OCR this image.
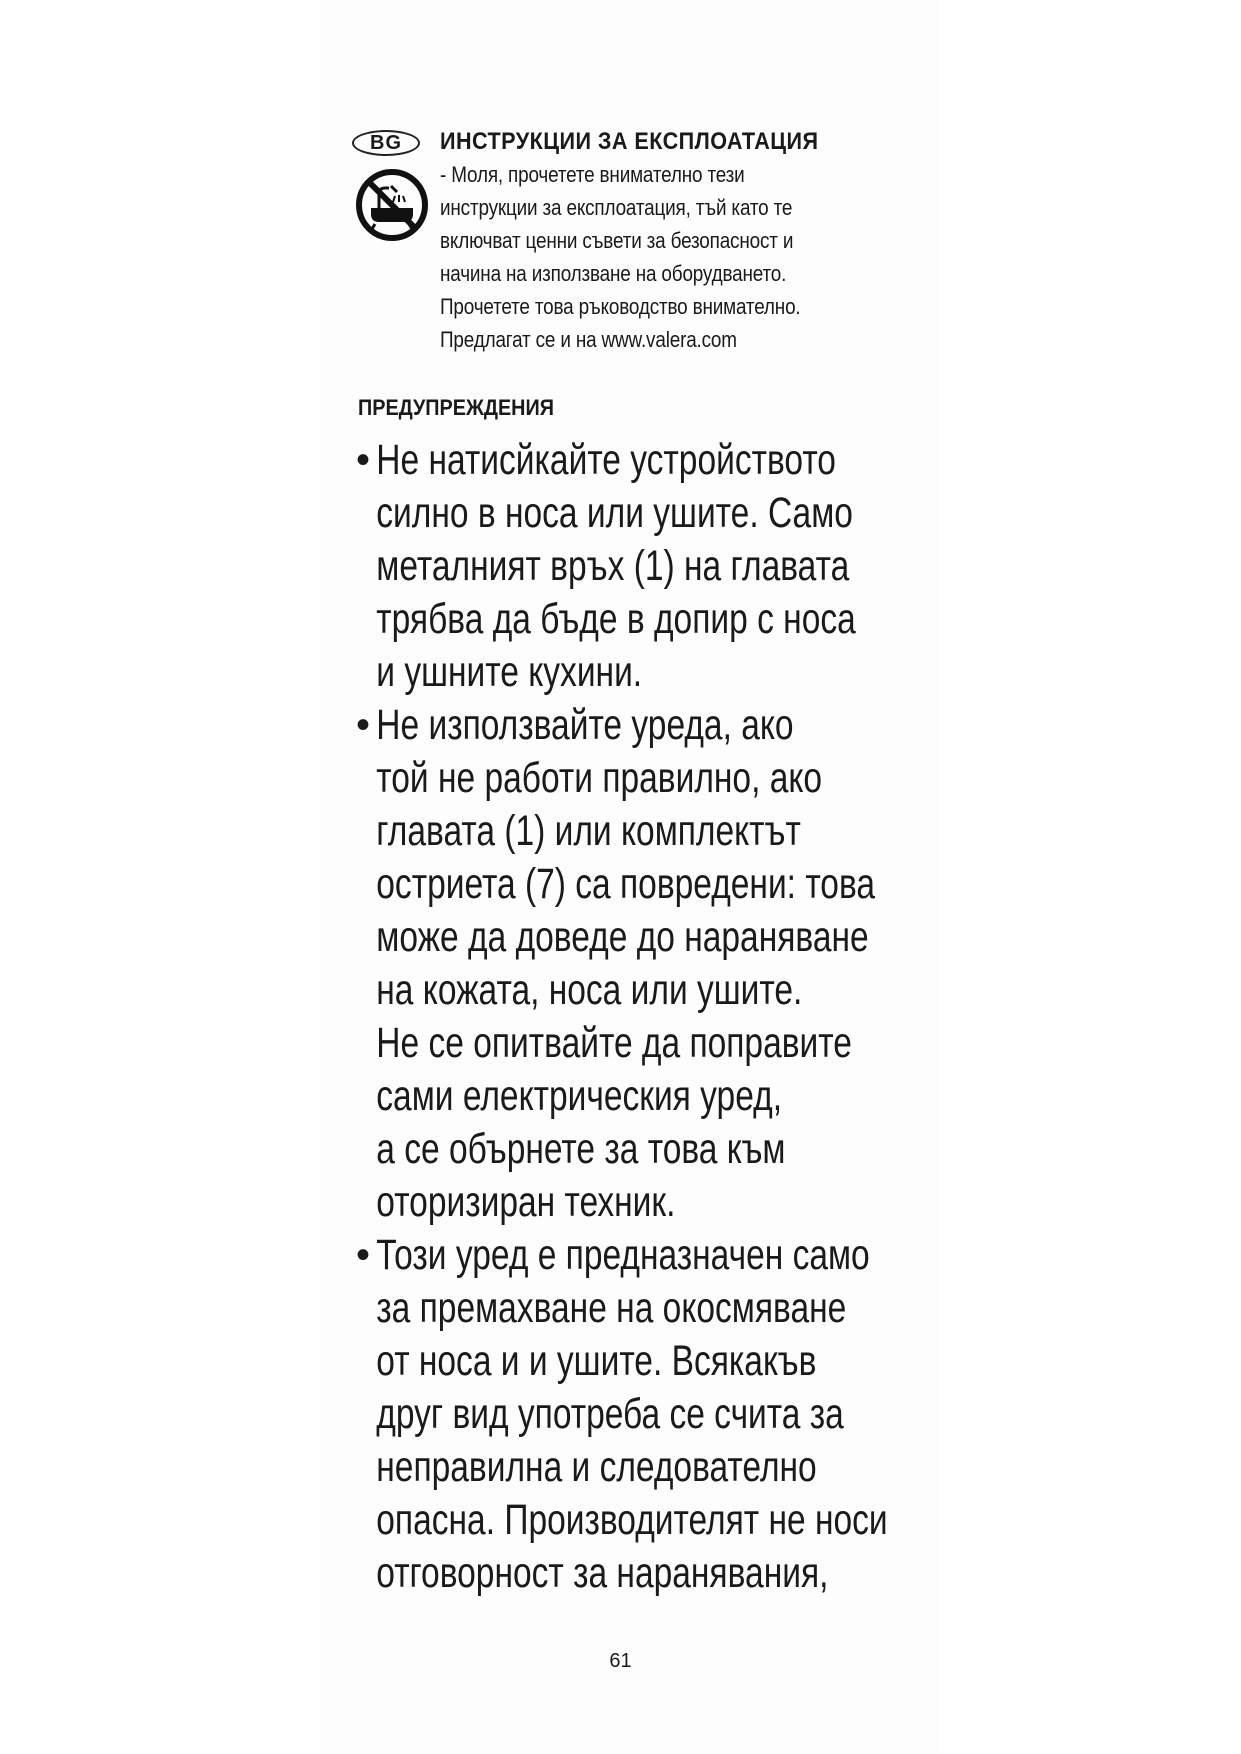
BG	ИНСТРУКЦИИ ЗА ЕКСПЛОАТАЦИЯ
- Моля, прочетете внимателно тези
инструкции за експлоатация, тъй като те
включват ценни съвети за безопасност и
начина на използване на оборудването.
Прочетете това ръководство внимателно.
Предлагат се и на www.valera.com
ПРЕДУПРЕЖДЕНИЯ
• Не натисйкайте устройството
силно в носа или ушите. Само
металният връх (1) на главата
трябва да бъде в допир с носа
и ушните кухини.
• Не използвайте уреда, ако
той не работи правилно, ако
главата (1) или комплектът
остриета (7) са повредени: това
може да доведе до нараняване
на кожата, носа или ушите.
Не се опитвайте да поправите
сами електрическия уред,
а се обърнете за това към
оторизиран техник.
• Този уред е предназначен само
за премахване на окосмяване
от носа и и ушите. Всякакъв
друг вид употреба се счита за
неправилна и следователно
опасна. Производителят не носи
отговорност за наранявания,
61
